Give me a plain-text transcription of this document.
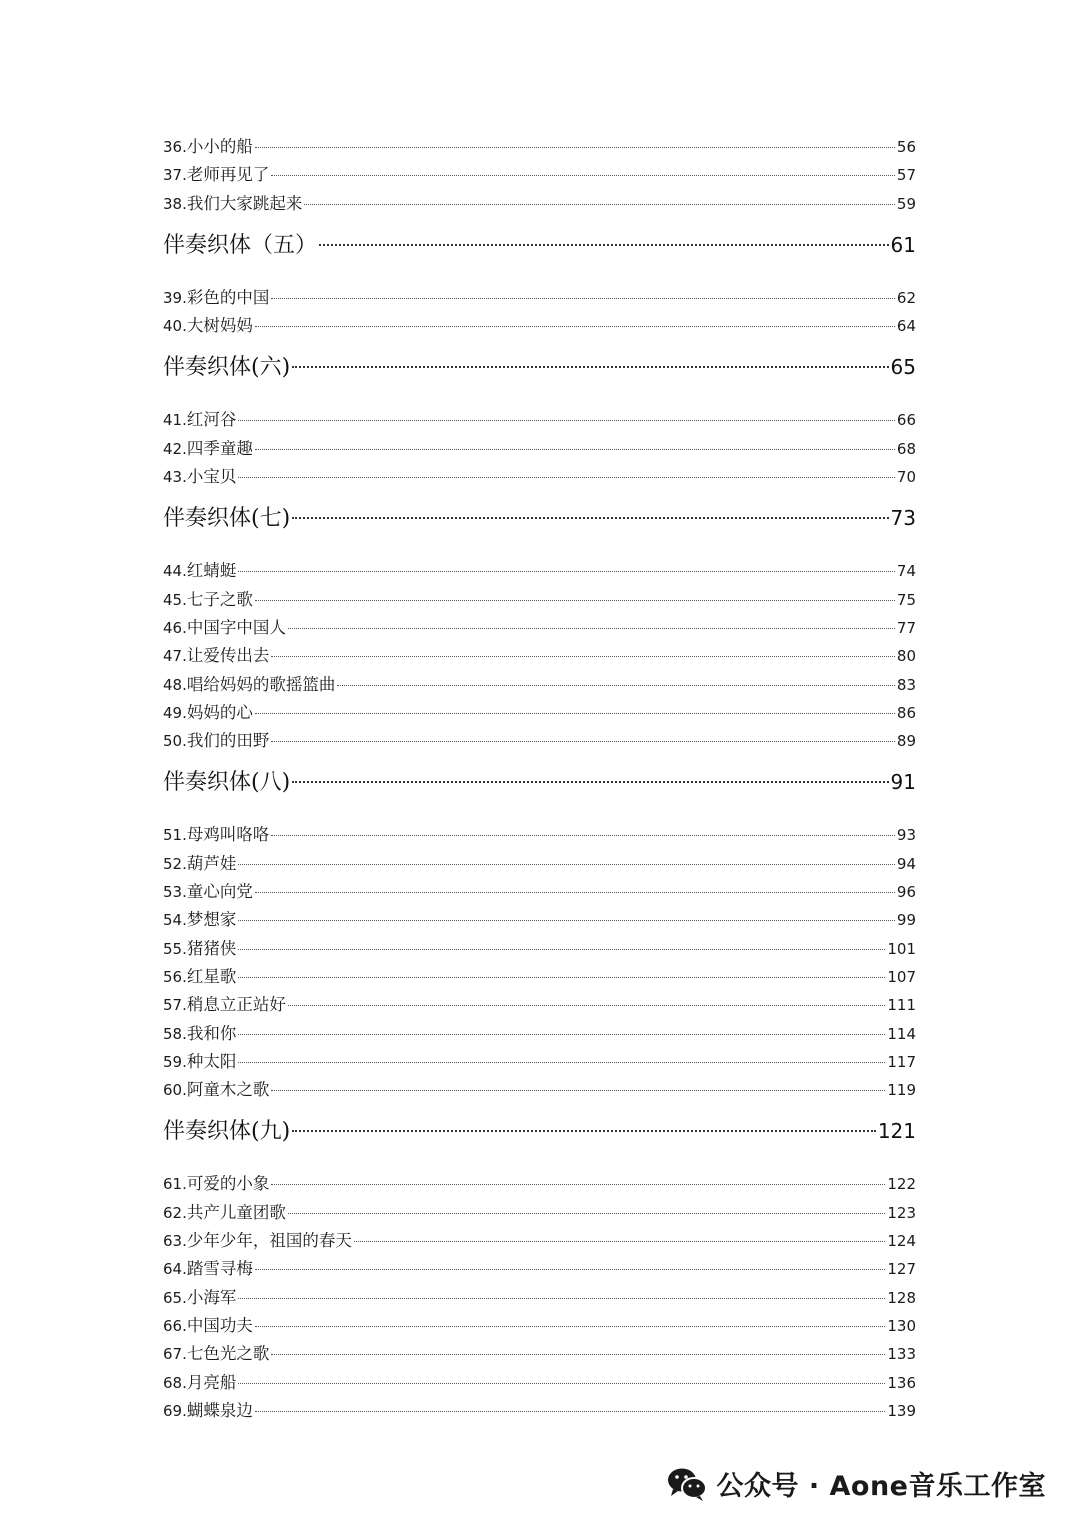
36. 小小的船	56
37. 老师再见了	57
38. 我们大家跳起来	59
伴奏织体（五）	61
39. 彩色的中国	62
40. 大树妈妈	64
伴奏织体(六)	65
41. 红河谷	66
42. 四季童趣	68
43. 小宝贝	70
伴奏织体(七)	73
44. 红蜻蜓	74
45. 七子之歌	75
46. 中国字中国人	77
47. 让爱传出去	80
48. 唱给妈妈的歌摇篮曲	83
49. 妈妈的心	86
50. 我们的田野	89
伴奏织体(八)	91
51. 母鸡叫咯咯	93
52. 葫芦娃	94
53. 童心向党	96
54. 梦想家	99
55. 猪猪侠	101
56. 红星歌	107
57. 稍息立正站好	111
58. 我和你	114
59. 种太阳	117
60. 阿童木之歌	119
伴奏织体(九)	121
61. 可爱的小象	122
62. 共产儿童团歌	123
63. 少年少年，祖国的春天	124
64. 踏雪寻梅	127
65. 小海军	128
66. 中国功夫	130
67. 七色光之歌	133
68. 月亮船	136
69. 蝴蝶泉边	139
公众号 · Aone音乐工作室
